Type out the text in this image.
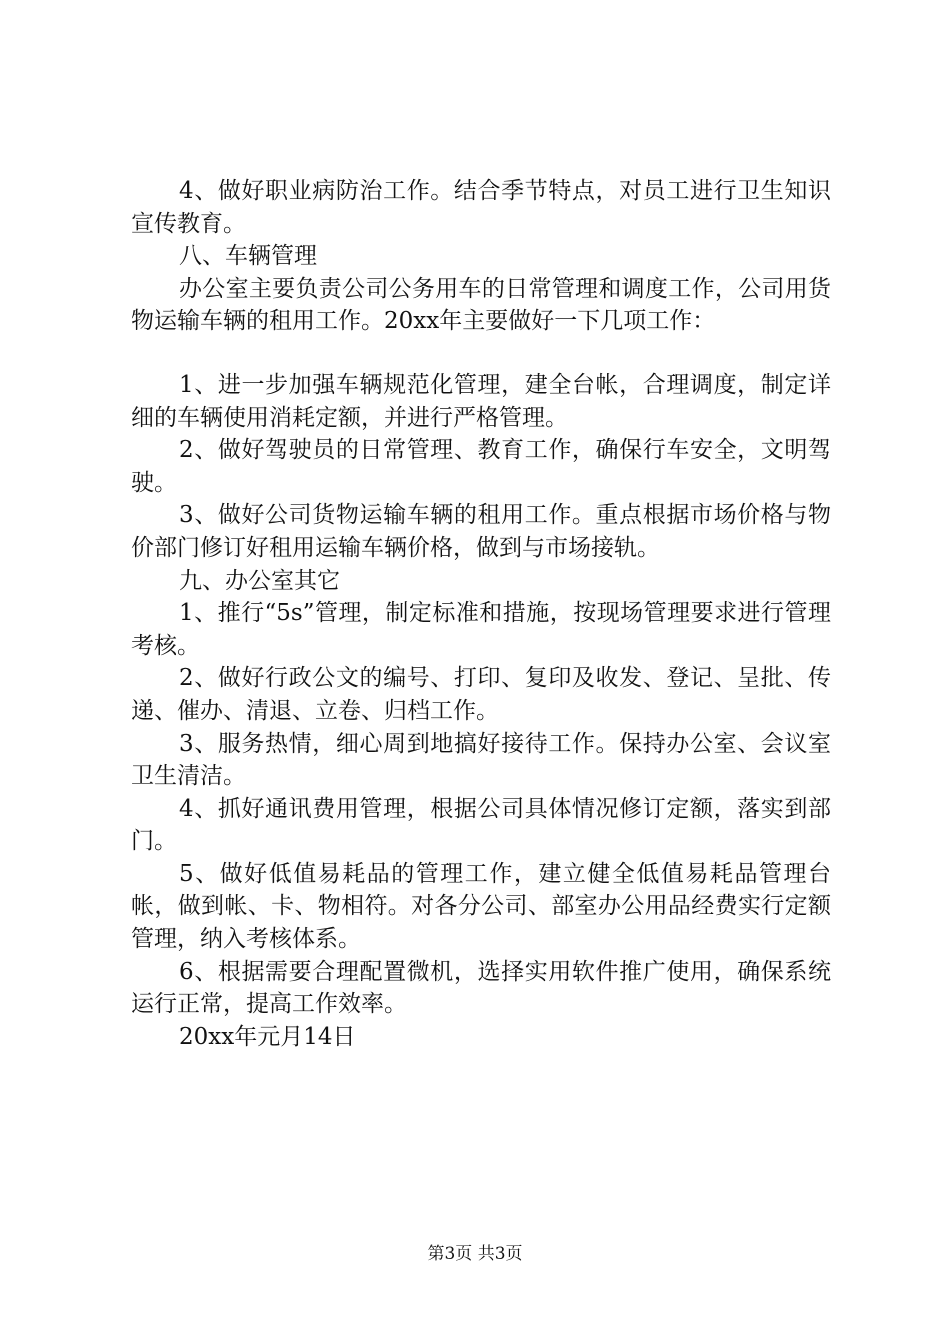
4、做好职业病防治工作。结合季节特点，对员工进行卫生知识宣传教育。

八、车辆管理

办公室主要负责公司公务用车的日常管理和调度工作，公司用货物运输车辆的租用工作。20xx年主要做好一下几项工作：

1、进一步加强车辆规范化管理，建全台帐，合理调度，制定详细的车辆使用消耗定额，并进行严格管理。

2、做好驾驶员的日常管理、教育工作，确保行车安全，文明驾驶。

3、做好公司货物运输车辆的租用工作。重点根据市场价格与物价部门修订好租用运输车辆价格，做到与市场接轨。

九、办公室其它

1、推行“5s”管理，制定标准和措施，按现场管理要求进行管理考核。

2、做好行政公文的编号、打印、复印及收发、登记、呈批、传递、催办、清退、立卷、归档工作。

3、服务热情，细心周到地搞好接待工作。保持办公室、会议室卫生清洁。

4、抓好通讯费用管理，根据公司具体情况修订定额，落实到部门。

5、做好低值易耗品的管理工作，建立健全低值易耗品管理台帐，做到帐、卡、物相符。对各分公司、部室办公用品经费实行定额管理，纳入考核体系。

6、根据需要合理配置微机，选择实用软件推广使用，确保系统运行正常，提高工作效率。

20xx年元月14日

第3页 共3页
